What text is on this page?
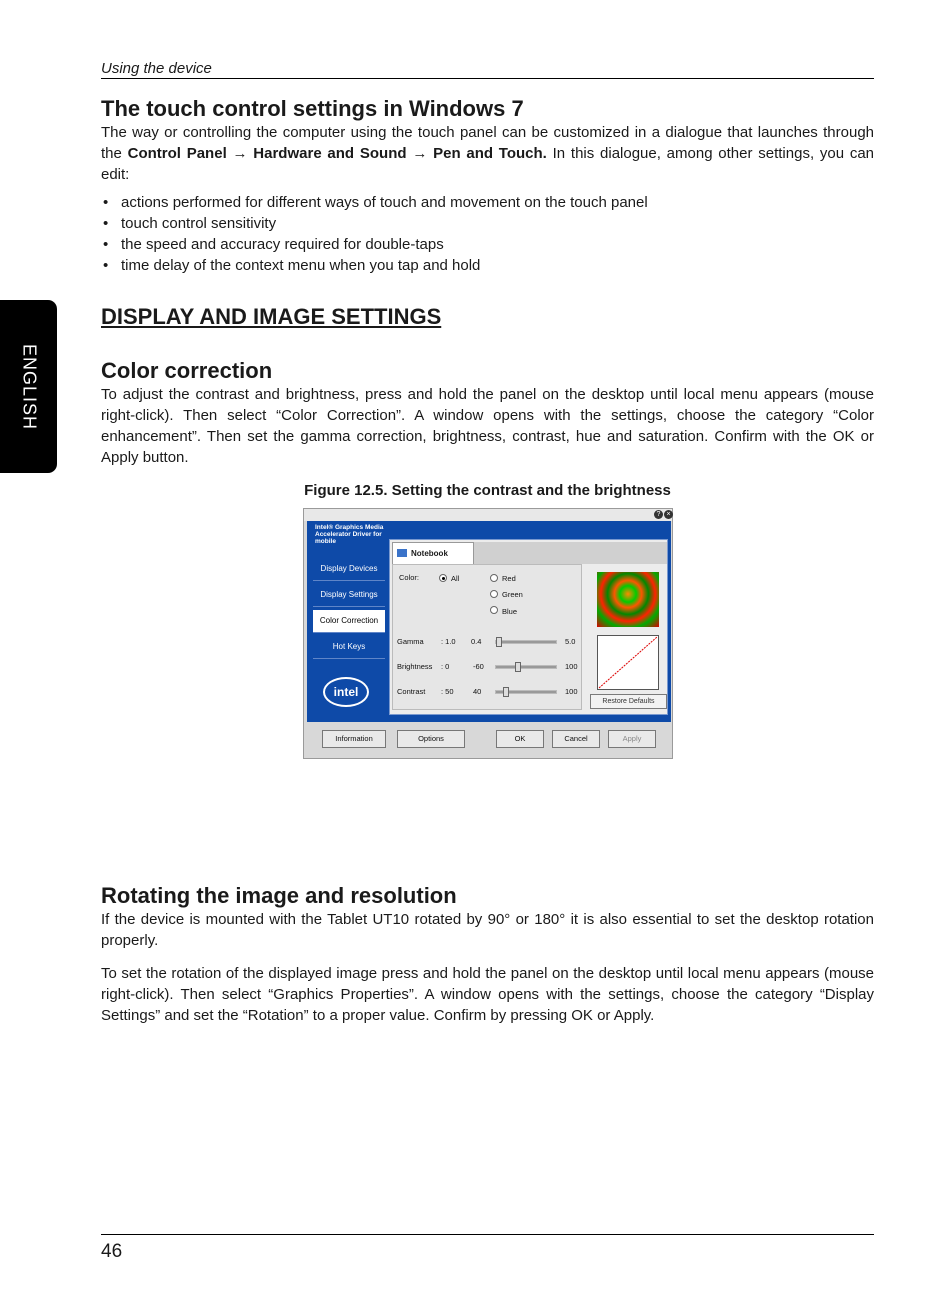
Using the device
ENGLISH
The touch control settings in Windows 7

The way or controlling the computer using the touch panel can be customized in a dialogue that launches through the Control Panel → Hardware and Sound → Pen and Touch. In this dialogue, among other settings, you can edit:

• actions performed for different ways of touch and movement on the touch panel
• touch control sensitivity
• the speed and accuracy required for double-taps
• time delay of the context menu when you tap and hold
DISPLAY AND IMAGE SETTINGS
Color correction

To adjust the contrast and brightness, press and hold the panel on the desktop until local menu appears (mouse right-click). Then select “Color Correction”. A window opens with the settings, choose the category “Color enhancement”. Then set the gamma correction, brightness, contrast, hue and saturation. Confirm with the OK or Apply button.

Figure 12.5. Setting the contrast and the brightness
? ×
Intel® Graphics Media Accelerator Driver for mobile
Display Devices
Display Settings
Color Correction
Hot Keys
intel
Notebook
Color:	All	Red
Green
Blue
Gamma : 1.0 0.4	5.0
Brightness : 0	-60	100
Contrast : 50	40	100
Restore Defaults
Information	Options	OK	Cancel	Apply
Rotating the image and resolution

If the device is mounted with the Tablet UT10 rotated by 90° or 180° it is also essential to set the desktop rotation properly.

To set the rotation of the displayed image press and hold the panel on the desktop until local menu appears (mouse right-click). Then select “Graphics Properties”. A window opens with the settings, choose the category “Display Settings” and set the “Rotation” to a proper value. Confirm by pressing OK or Apply.

46
